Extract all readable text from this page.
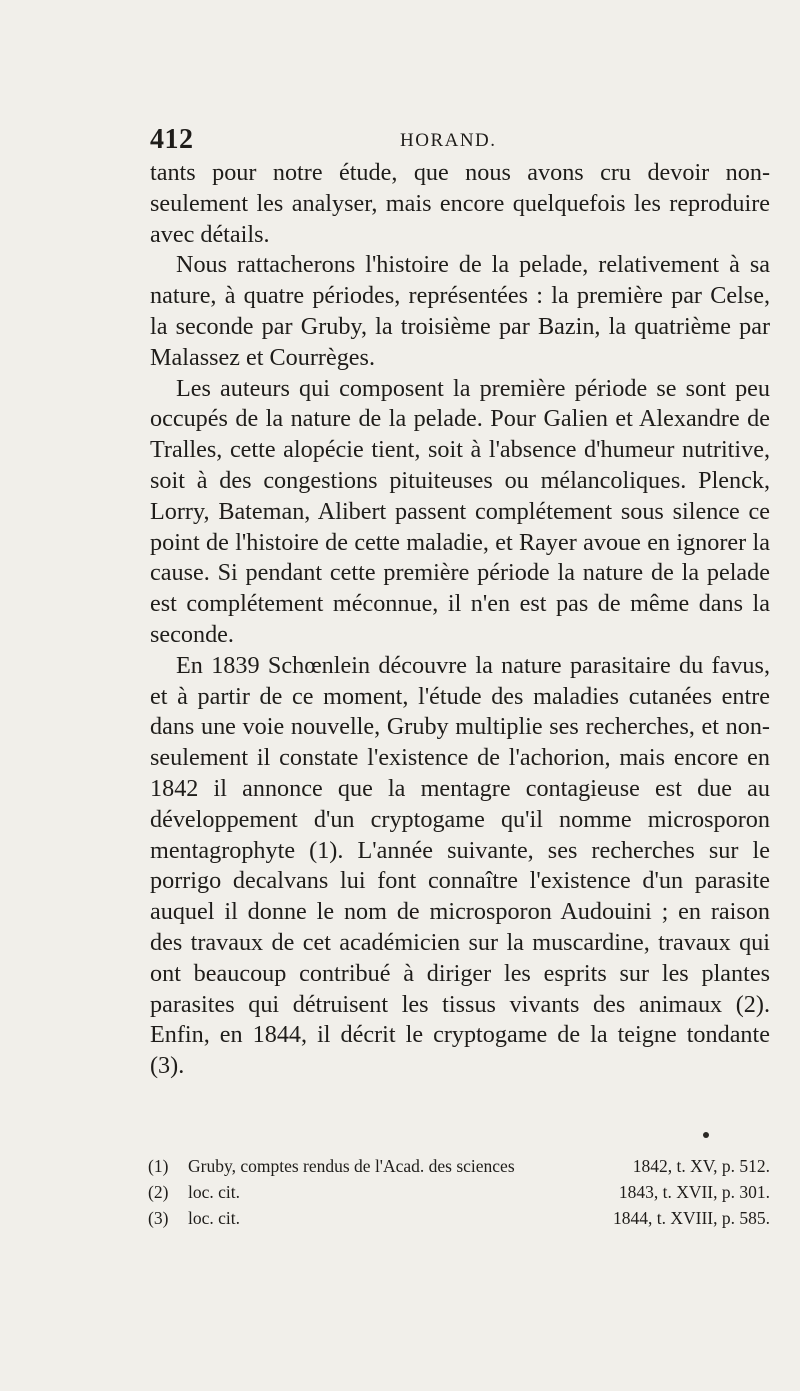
412	HORAND.

tants pour notre étude, que nous avons cru devoir non-seulement les analyser, mais encore quelquefois les reproduire avec détails.

Nous rattacherons l'histoire de la pelade, relativement à sa nature, à quatre périodes, représentées : la première par Celse, la seconde par Gruby, la troisième par Bazin, la quatrième par Malassez et Courrèges.

Les auteurs qui composent la première période se sont peu occupés de la nature de la pelade. Pour Galien et Alexandre de Tralles, cette alopécie tient, soit à l'absence d'humeur nutritive, soit à des congestions pituiteuses ou mélancoliques. Plenck, Lorry, Bateman, Alibert passent complétement sous silence ce point de l'histoire de cette maladie, et Rayer avoue en ignorer la cause. Si pendant cette première période la nature de la pelade est complétement méconnue, il n'en est pas de même dans la seconde.

En 1839 Schœnlein découvre la nature parasitaire du favus, et à partir de ce moment, l'étude des maladies cutanées entre dans une voie nouvelle, Gruby multiplie ses recherches, et non-seulement il constate l'existence de l'achorion, mais encore en 1842 il annonce que la mentagre contagieuse est due au développement d'un cryptogame qu'il nomme microsporon mentagrophyte (1). L'année suivante, ses recherches sur le porrigo decalvans lui font connaître l'existence d'un parasite auquel il donne le nom de microsporon Audouini ; en raison des travaux de cet académicien sur la muscardine, travaux qui ont beaucoup contribué à diriger les esprits sur les plantes parasites qui détruisent les tissus vivants des animaux (2). Enfin, en 1844, il décrit le cryptogame de la teigne tondante (3).

(1)	Gruby, comptes rendus de l'Acad. des sciences	1842, t. XV, p. 512.
(2)	loc. cit.	1843, t. XVII, p. 301.
(3)	loc. cit.	1844, t. XVIII, p. 585.
